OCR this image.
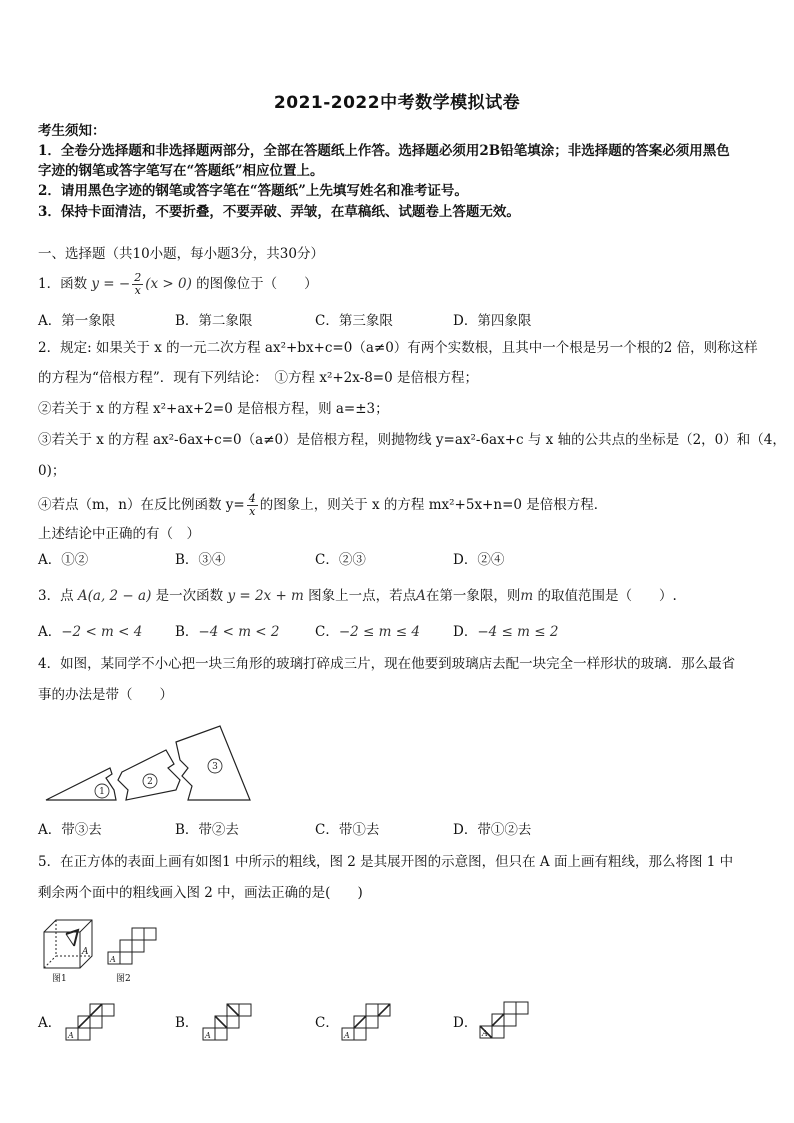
2021-2022中考数学模拟试卷
考生须知：
1．全卷分选择题和非选择题两部分，全部在答题纸上作答。选择题必须用2B铅笔填涂；非选择题的答案必须用黑色
字迹的钢笔或答字笔写在“答题纸”相应位置上。
2．请用黑色字迹的钢笔或答字笔在“答题纸”上先填写姓名和准考证号。
3．保持卡面清洁，不要折叠，不要弄破、弄皱，在草稿纸、试题卷上答题无效。
一、选择题（共10小题，每小题3分，共30分）
1．函数 y = − $\frac{2}{x} (x > 0)$ 的图像位于（　　）
A．第一象限	B．第二象限	C．第三象限	D．第四象限
2．规定: 如果关于 x 的一元二次方程 ax²+bx+c=0（a≠0）有两个实数根，且其中一个根是另一个根的2 倍，则称这样
的方程为“倍根方程”．现有下列结论：　①方程 x²+2x-8=0 是倍根方程；
②若关于 x 的方程 x²+ax+2=0 是倍根方程，则 a=±3；
③若关于 x 的方程 ax²-6ax+c=0（a≠0）是倍根方程，则抛物线 y=ax²-6ax+c 与 x 轴的公共点的坐标是（2，0）和（4，
0)；
④若点（m，n）在反比例函数 $y= \frac{4}{x}$ 的图象上，则关于 x 的方程 mx²+5x+n=0 是倍根方程．
上述结论中正确的有（　）
A．①②	B．③④	C．②③	D．②④
3．点 A(a, 2 − a) 是一次函数 y = 2x + m 图象上一点，若点A在第一象限，则m 的取值范围是（　　）.
A．−2 < m < 4 B．−4 < m < 2	C．−2 ≤ m ≤ 4 D．−4 ≤ m ≤ 2
4．如图，某同学不小心把一块三角形的玻璃打碎成三片，现在他要到玻璃店去配一块完全一样形状的玻璃．那么最省
事的办法是带（　　）
1
2
3
A．带③去	B．带②去	C．带①去	D．带①②去
5．在正方体的表面上画有如图1 中所示的粗线，图 2 是其展开图的示意图，但只在 A 面上画有粗线，那么将图 1 中
剩余两个面中的粗线画入图 2 中，画法正确的是(　　)
A
图1
A
图2
A．
A
B．
A
C．
A
D．
A
